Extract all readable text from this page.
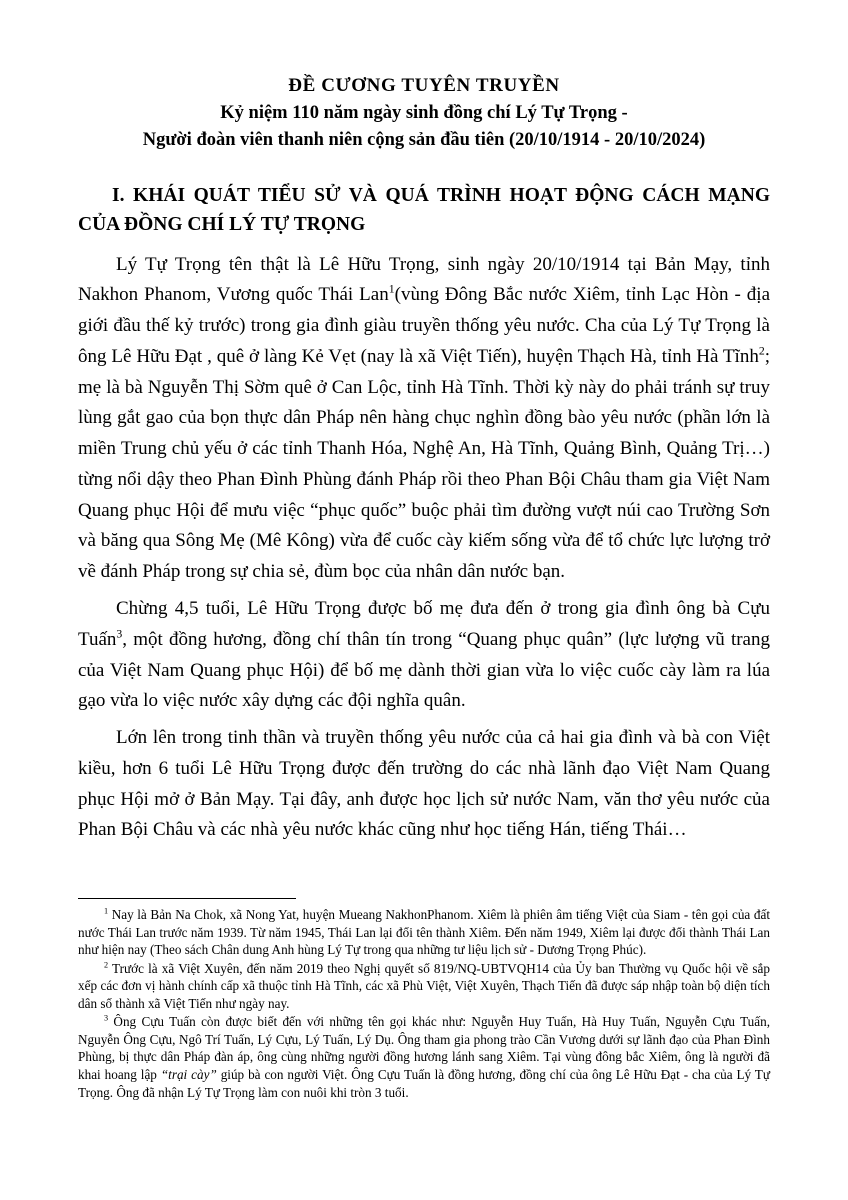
ĐỀ CƯƠNG TUYÊN TRUYỀN
Kỷ niệm 110 năm ngày sinh đồng chí Lý Tự Trọng -
Người đoàn viên thanh niên cộng sản đầu tiên (20/10/1914 - 20/10/2024)
I. KHÁI QUÁT TIỂU SỬ VÀ QUÁ TRÌNH HOẠT ĐỘNG CÁCH MẠNG CỦA ĐỒNG CHÍ LÝ TỰ TRỌNG

Lý Tự Trọng tên thật là Lê Hữu Trọng, sinh ngày 20/10/1914 tại Bản Mạy, tỉnh Nakhon Phanom, Vương quốc Thái Lan$^1$(vùng Đông Bắc nước Xiêm, tỉnh Lạc Hòn - địa giới đầu thế kỷ trước) trong gia đình giàu truyền thống yêu nước. Cha của Lý Tự Trọng là ông Lê Hữu Đạt , quê ở làng Kẻ Vẹt (nay là xã Việt Tiến), huyện Thạch Hà, tỉnh Hà Tĩnh$^2$; mẹ là bà Nguyễn Thị Sờm quê ở Can Lộc, tỉnh Hà Tĩnh. Thời kỳ này do phải tránh sự truy lùng gắt gao của bọn thực dân Pháp nên hàng chục nghìn đồng bào yêu nước (phần lớn là miền Trung chủ yếu ở các tỉnh Thanh Hóa, Nghệ An, Hà Tĩnh, Quảng Bình, Quảng Trị…) từng nổi dậy theo Phan Đình Phùng đánh Pháp rồi theo Phan Bội Châu tham gia Việt Nam Quang phục Hội để mưu việc “phục quốc” buộc phải tìm đường vượt núi cao Trường Sơn và băng qua Sông Mẹ (Mê Kông) vừa để cuốc cày kiếm sống vừa để tổ chức lực lượng trở về đánh Pháp trong sự chia sẻ, đùm bọc của nhân dân nước bạn.

Chừng 4,5 tuổi, Lê Hữu Trọng được bố mẹ đưa đến ở trong gia đình ông bà Cựu Tuấn$^3$, một đồng hương, đồng chí thân tín trong “Quang phục quân” (lực lượng vũ trang của Việt Nam Quang phục Hội) để bố mẹ dành thời gian vừa lo việc cuốc cày làm ra lúa gạo vừa lo việc nước xây dựng các đội nghĩa quân.

Lớn lên trong tinh thần và truyền thống yêu nước của cả hai gia đình và bà con Việt kiều, hơn 6 tuổi Lê Hữu Trọng được đến trường do các nhà lãnh đạo Việt Nam Quang phục Hội mở ở Bản Mạy. Tại đây, anh được học lịch sử nước Nam, văn thơ yêu nước của Phan Bội Châu và các nhà yêu nước khác cũng như học tiếng Hán, tiếng Thái…

$^1$ Nay là Bản Na Chok, xã Nong Yat, huyện Mueang NakhonPhanom. Xiêm là phiên âm tiếng Việt của Siam - tên gọi của đất nước Thái Lan trước năm 1939. Từ năm 1945, Thái Lan lại đổi tên thành Xiêm. Đến năm 1949, Xiêm lại được đổi thành Thái Lan như hiện nay (Theo sách Chân dung Anh hùng Lý Tự trong qua những tư liệu lịch sử - Dương Trọng Phúc).

$^2$ Trước là xã Việt Xuyên, đến năm 2019 theo Nghị quyết số 819/NQ-UBTVQH14 của Ủy ban Thường vụ Quốc hội về sắp xếp các đơn vị hành chính cấp xã thuộc tỉnh Hà Tĩnh, các xã Phù Việt, Việt Xuyên, Thạch Tiến đã được sáp nhập toàn bộ diện tích dân số thành xã Việt Tiến như ngày nay.

$^3$ Ông Cựu Tuấn còn được biết đến với những tên gọi khác như: Nguyễn Huy Tuấn, Hà Huy Tuấn, Nguyễn Cựu Tuấn, Nguyễn Ông Cựu, Ngô Trí Tuấn, Lý Cựu, Lý Tuấn, Lý Dụ. Ông tham gia phong trào Cần Vương dưới sự lãnh đạo của Phan Đình Phùng, bị thực dân Pháp đàn áp, ông cùng những người đồng hương lánh sang Xiêm. Tại vùng đông bắc Xiêm, ông là người đã khai hoang lập “trại cày” giúp bà con người Việt. Ông Cựu Tuấn là đồng hương, đồng chí của ông Lê Hữu Đạt - cha của Lý Tự Trọng. Ông đã nhận Lý Tự Trọng làm con nuôi khi tròn 3 tuổi.
